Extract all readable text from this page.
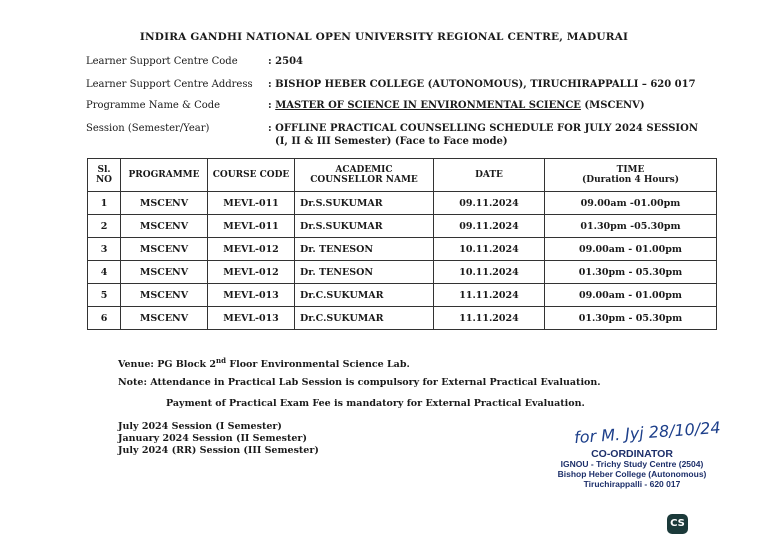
INDIRA GANDHI NATIONAL OPEN UNIVERSITY REGIONAL CENTRE, MADURAI
Learner Support Centre Code	: 2504
Learner Support Centre Address : BISHOP HEBER COLLEGE (AUTONOMOUS), TIRUCHIRAPPALLI – 620 017
Programme Name & Code	: MASTER OF SCIENCE IN ENVIRONMENTAL SCIENCE (MSCENV)
Session (Semester/Year)	: OFFLINE PRACTICAL COUNSELLING SCHEDULE FOR JULY 2024 SESSION
(I, II & III Semester) (Face to Face mode)
Sl. NO	PROGRAMME	COURSE CODE	ACADEMIC COUNSELLOR NAME	DATE	TIME
(Duration 4 Hours)
1	MSCENV	MEVL-011	Dr.S.SUKUMAR	09.11.2024	09.00am -01.00pm
2	MSCENV	MEVL-011	Dr.S.SUKUMAR	09.11.2024	01.30pm -05.30pm
3	MSCENV	MEVL-012	Dr. TENESON	10.11.2024	09.00am - 01.00pm
4	MSCENV	MEVL-012	Dr. TENESON	10.11.2024	01.30pm - 05.30pm
5	MSCENV	MEVL-013	Dr.C.SUKUMAR	11.11.2024	09.00am - 01.00pm
6	MSCENV	MEVL-013	Dr.C.SUKUMAR	11.11.2024	01.30pm - 05.30pm
Venue: PG Block 2nd Floor Environmental Science Lab.
Note: Attendance in Practical Lab Session is compulsory for External Practical Evaluation.
Payment of Practical Exam Fee is mandatory for External Practical Evaluation.
July 2024 Session (I Semester)
January 2024 Session (II Semester)
July 2024 (RR) Session (III Semester)
for M. Jyj 28/10/24
CO-ORDINATOR
IGNOU - Trichy Study Centre (2504)
Bishop Heber College (Autonomous)
Tiruchirappalli - 620 017
CS
